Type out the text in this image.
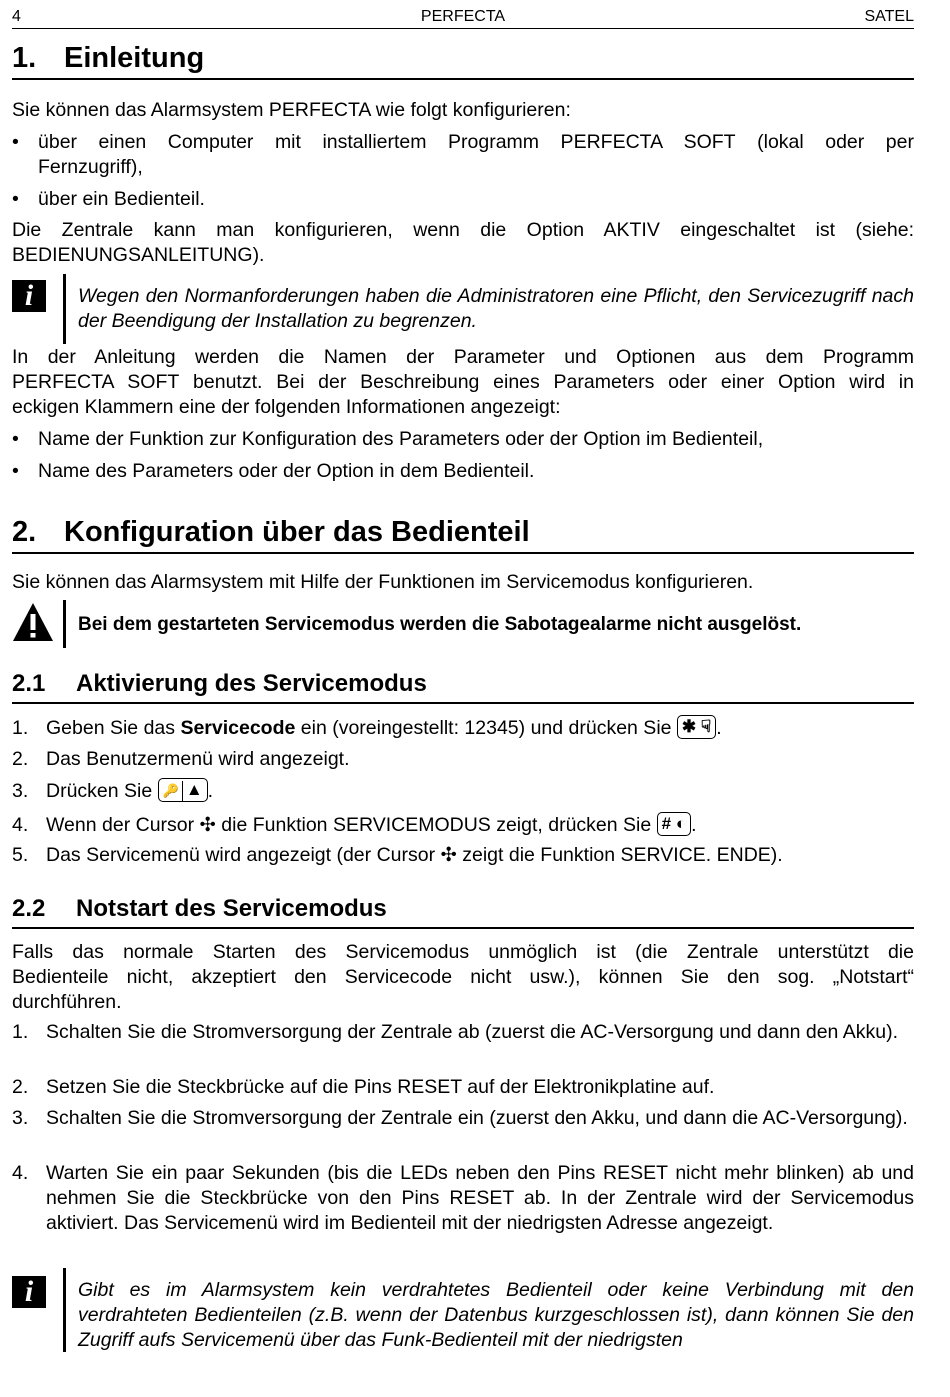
4	PERFECTA	SATEL
1. Einleitung
Sie können das Alarmsystem PERFECTA wie folgt konfigurieren:
• über einen Computer mit installiertem Programm PERFECTA SOFT (lokal oder per
Fernzugriff),
• über ein Bedienteil.
Die Zentrale kann man konfigurieren, wenn die Option AKTIV eingeschaltet ist (siehe:
BEDIENUNGSANLEITUNG).
i	Wegen den Normanforderungen haben die Administratoren eine Pflicht, den Servicezugriff nach der Beendigung der Installation zu begrenzen.
In der Anleitung werden die Namen der Parameter und Optionen aus dem Programm
PERFECTA SOFT benutzt. Bei der Beschreibung eines Parameters oder einer Option wird in
eckigen Klammern eine der folgenden Informationen angezeigt:
• Name der Funktion zur Konfiguration des Parameters oder der Option im Bedienteil,
• Name des Parameters oder der Option in dem Bedienteil.
2. Konfiguration über das Bedienteil
Sie können das Alarmsystem mit Hilfe der Funktionen im Servicemodus konfigurieren.
Bei dem gestarteten Servicemodus werden die Sabotagealarme nicht ausgelöst.
2.1 Aktivierung des Servicemodus
1. Geben Sie das Servicecode ein (voreingestellt: 12345) und drücken Sie ✱ ☟ .
2. Das Benutzermenü wird angezeigt.
3. Drücken Sie 🔑 ▲ .
4. Wenn der Cursor ✣ die Funktion SERVICEMODUS zeigt, drücken Sie # ◐ .
5. Das Servicemenü wird angezeigt (der Cursor ✣ zeigt die Funktion SERVICE. ENDE).
2.2 Notstart des Servicemodus
Falls das normale Starten des Servicemodus unmöglich ist (die Zentrale unterstützt die
Bedienteile nicht, akzeptiert den Servicecode nicht usw.), können Sie den sog. „Notstart“
durchführen.
1. Schalten Sie die Stromversorgung der Zentrale ab (zuerst die AC-Versorgung und dann den Akku).
2. Setzen Sie die Steckbrücke auf die Pins RESET auf der Elektronikplatine auf.
3. Schalten Sie die Stromversorgung der Zentrale ein (zuerst den Akku, und dann die AC-Versorgung).
4. Warten Sie ein paar Sekunden (bis die LEDs neben den Pins RESET nicht mehr blinken) ab und nehmen Sie die Steckbrücke von den Pins RESET ab. In der Zentrale wird der Servicemodus aktiviert. Das Servicemenü wird im Bedienteil mit der niedrigsten Adresse angezeigt.
i	Gibt es im Alarmsystem kein verdrahtetes Bedienteil oder keine Verbindung mit den verdrahteten Bedienteilen (z.B. wenn der Datenbus kurzgeschlossen ist), dann können Sie den Zugriff aufs Servicemenü über das Funk-Bedienteil mit der niedrigsten
